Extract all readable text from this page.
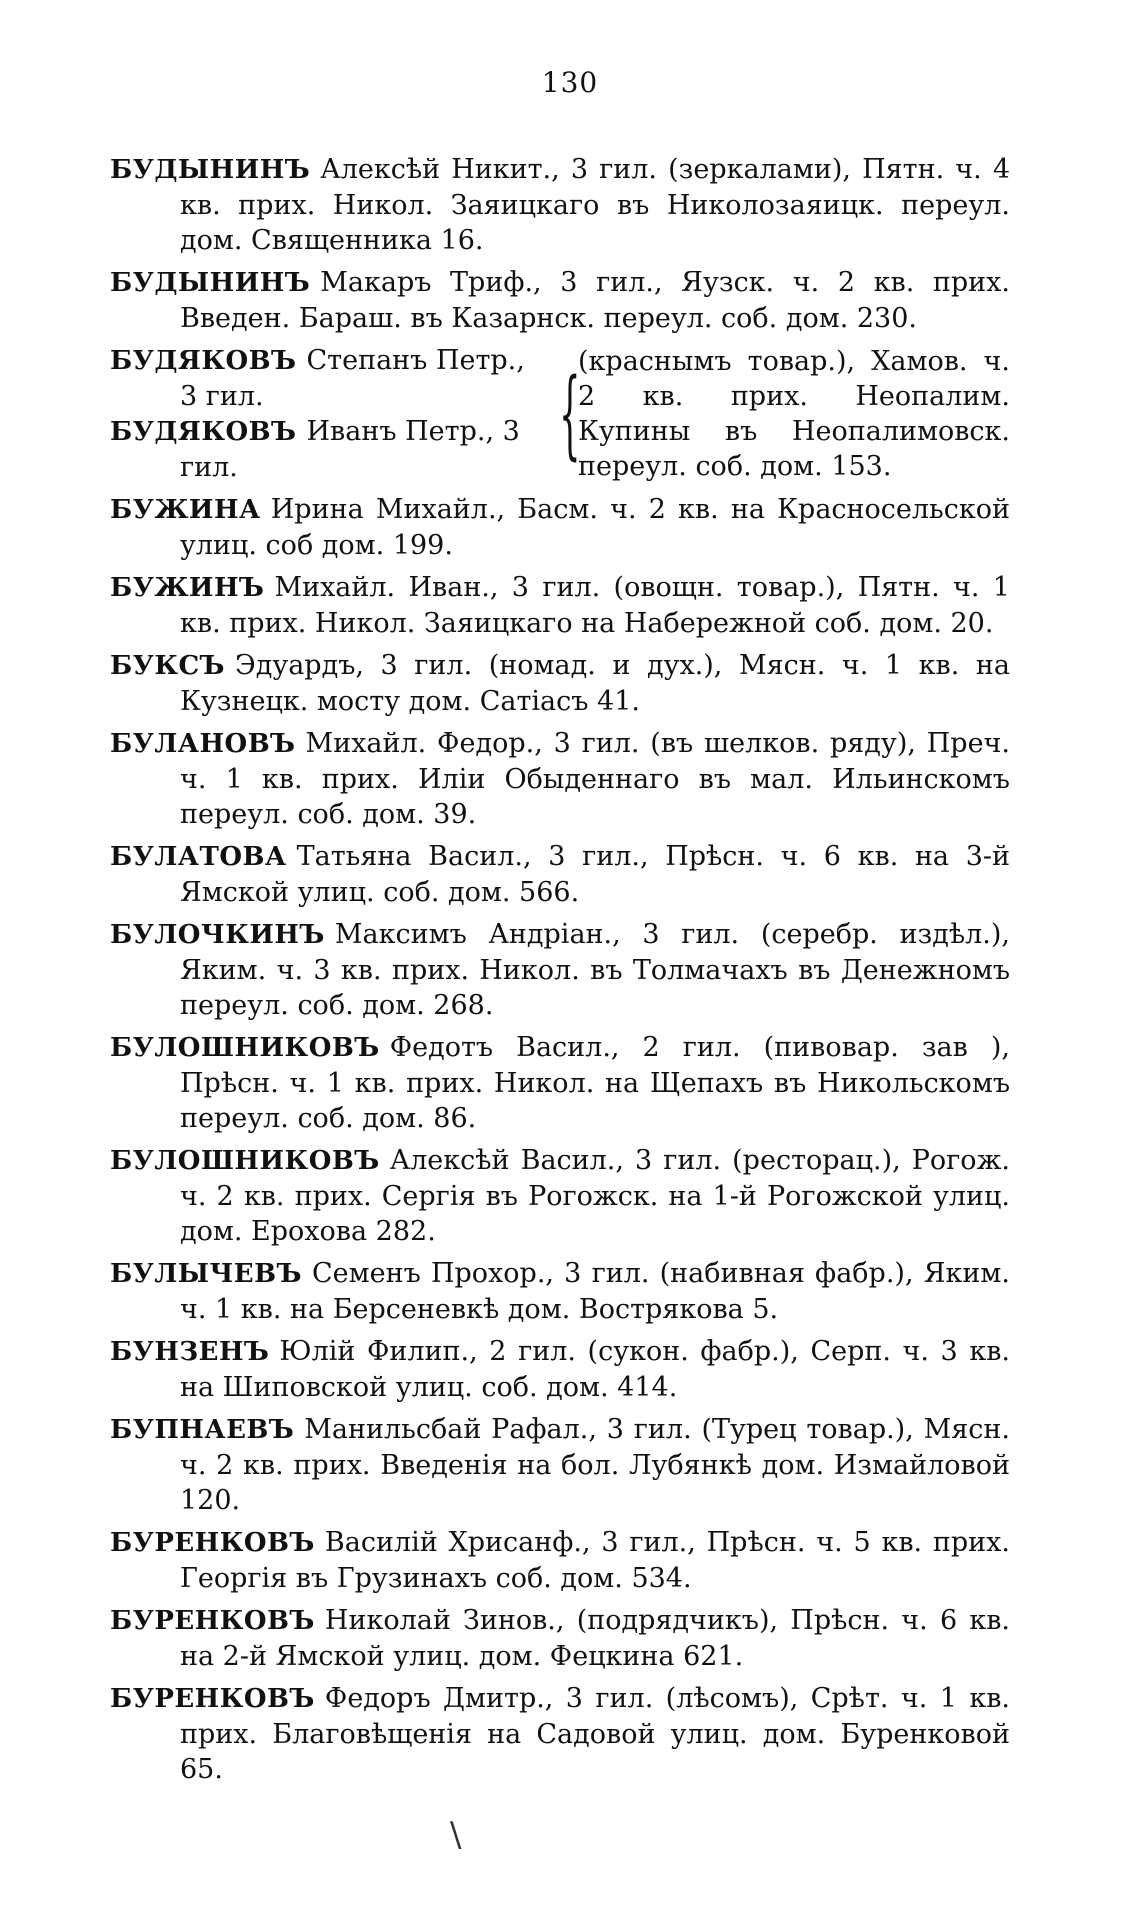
130
БУДЫНИНЪ Алексѣй Никит., 3 гил. (зеркалами), Пятн. ч. 4 кв. прих. Никол. Заяицкаго въ Николозаяицк. переул. дом. Священника 16.
БУДЫНИНЪ Макаръ Триф., 3 гил., Яузск. ч. 2 кв. прих. Введен. Бараш. въ Казарнск. переул. соб. дом. 230.
БУДЯКОВЪ Степанъ Петр., 3 гил.
БУДЯКОВЪ Иванъ Петр., 3 гил.	{
(краснымъ товар.), Хамов. ч. 2 кв. прих. Неопалим. Купины въ Неопалимовск. переул. соб. дом. 153.
БУЖИНА Ирина Михайл., Басм. ч. 2 кв. на Красносельской улиц. соб дом. 199.
БУЖИНЪ Михайл. Иван., 3 гил. (овощн. товар.), Пятн. ч. 1 кв. прих. Никол. Заяицкаго на Набережной соб. дом. 20.
БУКСЪ Эдуардъ, 3 гил. (номад. и дух.), Мясн. ч. 1 кв. на Кузнецк. мосту дом. Сатіасъ 41.
БУЛАНОВЪ Михайл. Федор., 3 гил. (въ шелков. ряду), Преч. ч. 1 кв. прих. Иліи Обыденнаго въ мал. Ильинскомъ переул. соб. дом. 39.
БУЛАТОВА Татьяна Васил., 3 гил., Прѣсн. ч. 6 кв. на 3-й Ямской улиц. соб. дом. 566.
БУЛОЧКИНЪ Максимъ Андріан., 3 гил. (серебр. издѣл.), Яким. ч. 3 кв. прих. Никол. въ Толмачахъ въ Денежномъ переул. соб. дом. 268.
БУЛОШНИКОВЪ Федотъ Васил., 2 гил. (пивовар. зав ), Прѣсн. ч. 1 кв. прих. Никол. на Щепахъ въ Никольскомъ переул. соб. дом. 86.
БУЛОШНИКОВЪ Алексѣй Васил., 3 гил. (ресторац.), Рогож. ч. 2 кв. прих. Сергія въ Рогожск. на 1-й Рогожской улиц. дом. Ерохова 282.
БУЛЫЧЕВЪ Семенъ Прохор., 3 гил. (набивная фабр.), Яким. ч. 1 кв. на Берсеневкѣ дом. Вострякова 5.
БУНЗЕНЪ Юлій Филип., 2 гил. (сукон. фабр.), Серп. ч. 3 кв. на Шиповской улиц. соб. дом. 414.
БУПНАЕВЪ Манильсбай Рафал., 3 гил. (Турец товар.), Мясн. ч. 2 кв. прих. Введенія на бол. Лубянкѣ дом. Измайловой 120.
БУРЕНКОВЪ Василій Хрисанф., 3 гил., Прѣсн. ч. 5 кв. прих. Георгія въ Грузинахъ соб. дом. 534.
БУРЕНКОВЪ Николай Зинов., (подрядчикъ), Прѣсн. ч. 6 кв. на 2-й Ямской улиц. дом. Фецкина 621.
БУРЕНКОВЪ Федоръ Дмитр., 3 гил. (лѣсомъ), Срѣт. ч. 1 кв. прих. Благовѣщенія на Садовой улиц. дом. Буренковой 65.
\
